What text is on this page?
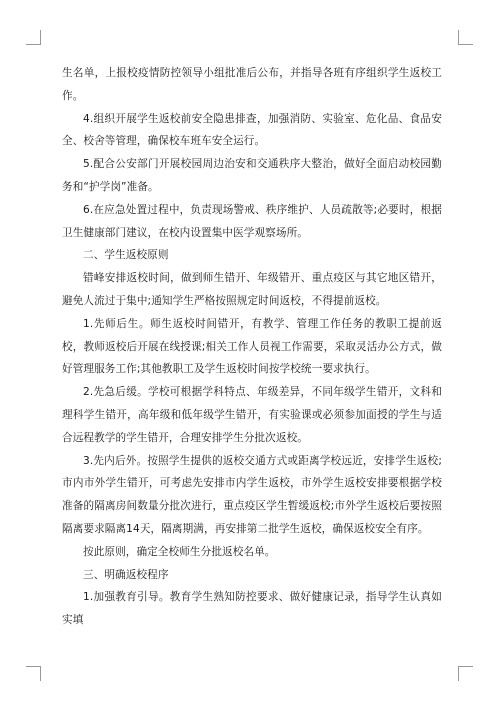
生名单，上报校疫情防控领导小组批准后公布，并指导各班有序组织学生返校工作。

4.组织开展学生返校前安全隐患排查，加强消防、实验室、危化品、食品安全、校舍等管理，确保校车班车安全运行。

5.配合公安部门开展校园周边治安和交通秩序大整治，做好全面启动校园勤务和“护学岗”准备。

6.在应急处置过程中，负责现场警戒、秩序维护、人员疏散等;必要时，根据卫生健康部门建议，在校内设置集中医学观察场所。

二、学生返校原则

错峰安排返校时间，做到师生错开、年级错开、重点疫区与其它地区错开，避免人流过于集中;通知学生严格按照规定时间返校，不得提前返校。

1.先师后生。师生返校时间错开，有教学、管理工作任务的教职工提前返校，教师返校后开展在线授课;相关工作人员视工作需要，采取灵活办公方式，做好管理服务工作;其他教职工及学生返校时间按学校统一要求执行。

2.先急后缓。学校可根据学科特点、年级差异，不同年级学生错开，文科和理科学生错开，高年级和低年级学生错开，有实验课或必须参加面授的学生与适合远程教学的学生错开，合理安排学生分批次返校。

3.先内后外。按照学生提供的返校交通方式或距离学校远近，安排学生返校;市内市外学生错开，可考虑先安排市内学生返校，市外学生返校安排要根据学校准备的隔离房间数量分批次进行，重点疫区学生暂缓返校;市外学生返校后要按照隔离要求隔离14天，隔离期满，再安排第二批学生返校，确保返校安全有序。

按此原则，确定全校师生分批返校名单。

三、明确返校程序

1.加强教育引导。教育学生熟知防控要求、做好健康记录，指导学生认真如实填
